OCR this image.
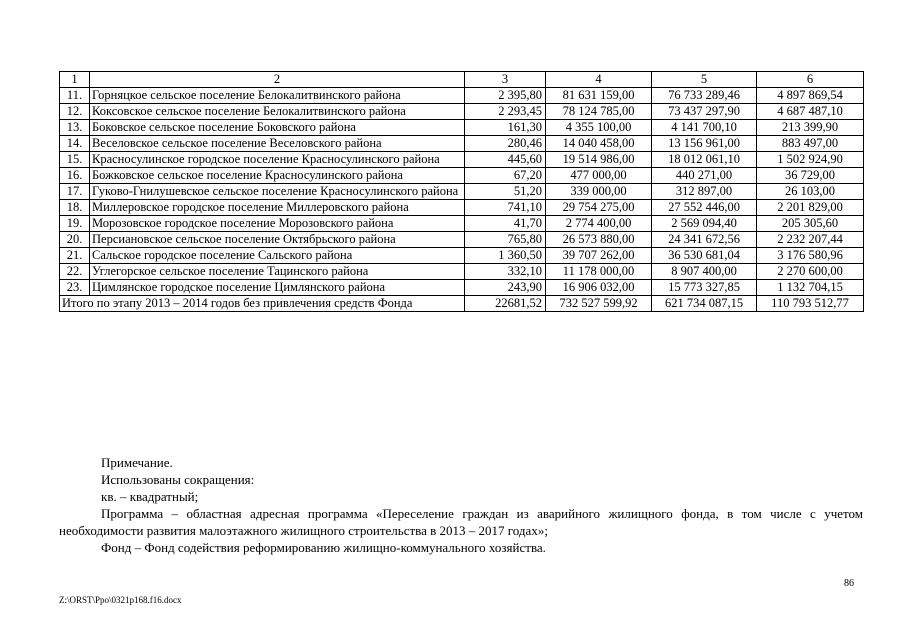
1	2	3	4	5	6
11.	Горняцкое сельское поселение Белокалитвинского района	2 395,80	81 631 159,00	76 733 289,46	4 897 869,54
12.	Коксовское сельское поселение Белокалитвинского района	2 293,45	78 124 785,00	73 437 297,90	4 687 487,10
13.	Боковское сельское поселение Боковского района	161,30	4 355 100,00	4 141 700,10	213 399,90
14.	Веселовское сельское поселение Веселовского района	280,46	14 040 458,00	13 156 961,00	883 497,00
15.	Красносулинское городское поселение Красносулинского района	445,60	19 514 986,00	18 012 061,10	1 502 924,90
16.	Божковское сельское поселение Красносулинского района	67,20	477 000,00	440 271,00	36 729,00
17.	Гуково-Гнилушевское сельское поселение Красносулинского района	51,20	339 000,00	312 897,00	26 103,00
18.	Миллеровское городское поселение Миллеровского района	741,10	29 754 275,00	27 552 446,00	2 201 829,00
19.	Морозовское городское поселение Морозовского района	41,70	2 774 400,00	2 569 094,40	205 305,60
20.	Персиановское сельское поселение Октябрьского района	765,80	26 573 880,00	24 341 672,56	2 232 207,44
21.	Сальское городское поселение Сальского района	1 360,50	39 707 262,00	36 530 681,04	3 176 580,96
22.	Углегорское сельское поселение Тацинского района	332,10	11 178 000,00	8 907 400,00	2 270 600,00
23.	Цимлянское городское поселение Цимлянского района	243,90	16 906 032,00	15 773 327,85	1 132 704,15
Итого по этапу 2013 – 2014 годов без привлечения средств Фонда		22681,52	732 527 599,92	621 734 087,15	110 793 512,77

Примечание.

Использованы сокращения:

кв. – квадратный;

Программа – областная адресная программа «Переселение граждан из аварийного жилищного фонда, в том числе с учетом необходимости развития малоэтажного жилищного строительства в 2013 – 2017 годах»;

Фонд – Фонд содействия реформированию жилищно-коммунального хозяйства.

86
Z:\ORST\Ppo\0321p168.f16.docx
